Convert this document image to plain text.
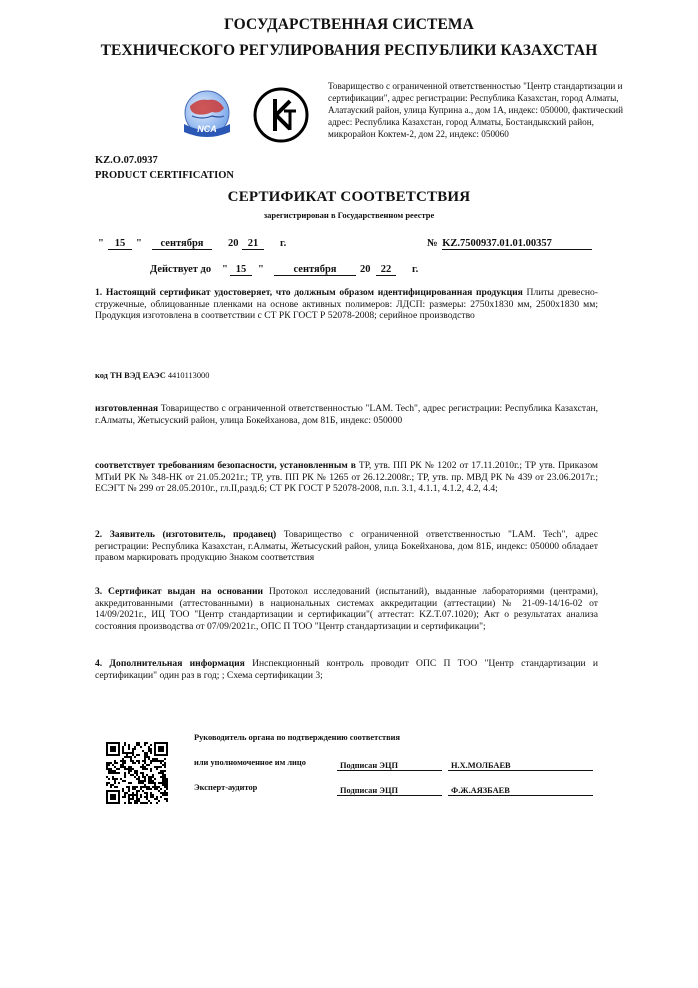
ГОСУДАРСТВЕННАЯ СИСТЕМА
ТЕХНИЧЕСКОГО РЕГУЛИРОВАНИЯ РЕСПУБЛИКИ КАЗАХСТАН
NCA
Товарищество с ограниченной ответственностью "Центр стандартизации и сертификации", адрес регистрации: Республика Казахстан, город Алматы, Алатауский район, улица Куприна а., дом 1А, индекс: 050000, фактический адрес: Республика Казахстан, город Алматы, Бостандыкский район, микрорайон Коктем-2, дом 22, индекс: 050060
KZ.O.07.0937
PRODUCT CERTIFICATION
СЕРТИФИКАТ СООТВЕТСТВИЯ
зарегистрирован в Государственном реестре
"	15	"	сентября	20 21	г.	№ KZ.7500937.01.01.00357
Действует до " 15	"	сентября	20 22	г.
1. Настоящий сертификат удостоверяет, что должным образом идентифицированная продукция Плиты древесно-стружечные, облицованные пленками на основе активных полимеров: ЛДСП: размеры: 2750х1830 мм, 2500х1830 мм; Продукция изготовлена в соответствии с СТ РК ГОСТ Р 52078-2008; серийное производство
код ТН ВЭД ЕАЭС 4410113000
изготовленная Товарищество с ограниченной ответственностью "LAM. Tech", адрес регистрации: Республика Казахстан, г.Алматы, Жетысуский район, улица Бокейханова, дом 81Б, индекс: 050000
соответствует требованиям безопасности, установленным в ТР, утв. ПП РК № 1202 от 17.11.2010г.; ТР утв. Приказом МТиИ РК № 348-НК от 21.05.2021г.; ТР, утв. ПП РК № 1265 от 26.12.2008г.; ТР, утв. пр. МВД РК № 439 от 23.06.2017г.; ЕСЭГТ № 299 от 28.05.2010г., гл.II,разд.6; СТ РК ГОСТ Р 52078-2008, п.п. 3.1, 4.1.1, 4.1.2, 4.2, 4.4;
2. Заявитель (изготовитель, продавец) Товарищество с ограниченной ответственностью "LAM. Tech", адрес регистрации: Республика Казахстан, г.Алматы, Жетысуский район, улица Бокейханова, дом 81Б, индекс: 050000 обладает правом маркировать продукцию Знаком соответствия
3. Сертификат выдан на основании Протокол исследований (испытаний), выданные лабораториями (центрами), аккредитованными (аттестованными) в национальных системах аккредитации (аттестации) № 21-09-14/16-02 от 14/09/2021г., ИЦ ТОО "Центр стандартизации и сертификации"( аттестат: KZ.T.07.1020); Акт о результатах анализа состояния производства от 07/09/2021г., ОПС П ТОО "Центр стандартизации и сертификации";
4. Дополнительная информация Инспекционный контроль проводит ОПС П ТОО "Центр стандартизации и сертификации" один раз в год; ; Схема сертификации 3;
Руководитель органа по подтверждению соответствия
или уполномоченное им лицо
Эксперт-аудитор
Подписан ЭЦП	Н.Х.МОЛБАЕВ
Подписан ЭЦП	Ф.Ж.АЯЗБАЕВ
